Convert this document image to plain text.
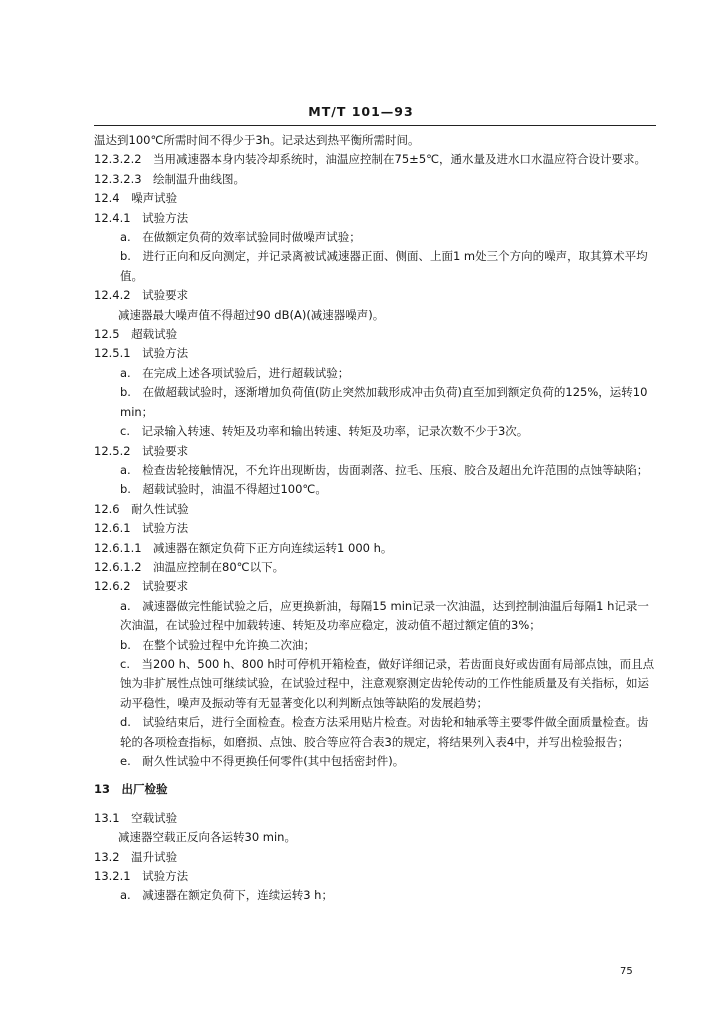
MT/T 101—93

温达到100℃所需时间不得少于3h。记录达到热平衡所需时间。

12.3.2.2　当用减速器本身内装冷却系统时，油温应控制在75±5℃，通水量及进水口水温应符合设计要求。

12.3.2.3　绘制温升曲线图。

12.4　噪声试验

12.4.1　试验方法

a.　在做额定负荷的效率试验同时做噪声试验；

b.　进行正向和反向测定，并记录离被试减速器正面、侧面、上面1 m处三个方向的噪声，取其算术平均值。

12.4.2　试验要求

减速器最大噪声值不得超过90 dB(A)(减速器噪声)。

12.5　超载试验

12.5.1　试验方法

a.　在完成上述各项试验后，进行超载试验；

b.　在做超载试验时，逐渐增加负荷值(防止突然加载形成冲击负荷)直至加到额定负荷的125%，运转10 min；

c.　记录输入转速、转矩及功率和输出转速、转矩及功率，记录次数不少于3次。

12.5.2　试验要求

a.　检查齿轮接触情况，不允许出现断齿，齿面剥落、拉毛、压痕、胶合及超出允许范围的点蚀等缺陷；

b.　超载试验时，油温不得超过100℃。

12.6　耐久性试验

12.6.1　试验方法

12.6.1.1　减速器在额定负荷下正方向连续运转1 000 h。

12.6.1.2　油温应控制在80℃以下。

12.6.2　试验要求

a.　减速器做完性能试验之后，应更换新油，每隔15 min记录一次油温，达到控制油温后每隔1 h记录一次油温，在试验过程中加载转速、转矩及功率应稳定，波动值不超过额定值的3%；

b.　在整个试验过程中允许换二次油；

c.　当200 h、500 h、800 h时可停机开箱检查，做好详细记录，若齿面良好或齿面有局部点蚀，而且点蚀为非扩展性点蚀可继续试验，在试验过程中，注意观察测定齿轮传动的工作性能质量及有关指标，如运动平稳性，噪声及振动等有无显著变化以利判断点蚀等缺陷的发展趋势；

d.　试验结束后，进行全面检查。检查方法采用贴片检查。对齿轮和轴承等主要零件做全面质量检查。齿轮的各项检查指标，如磨损、点蚀、胶合等应符合表3的规定，将结果列入表4中，并写出检验报告；

e.　耐久性试验中不得更换任何零件(其中包括密封件)。

13　出厂检验

13.1　空载试验

减速器空载正反向各运转30 min。

13.2　温升试验

13.2.1　试验方法

a.　减速器在额定负荷下，连续运转3 h；

75
